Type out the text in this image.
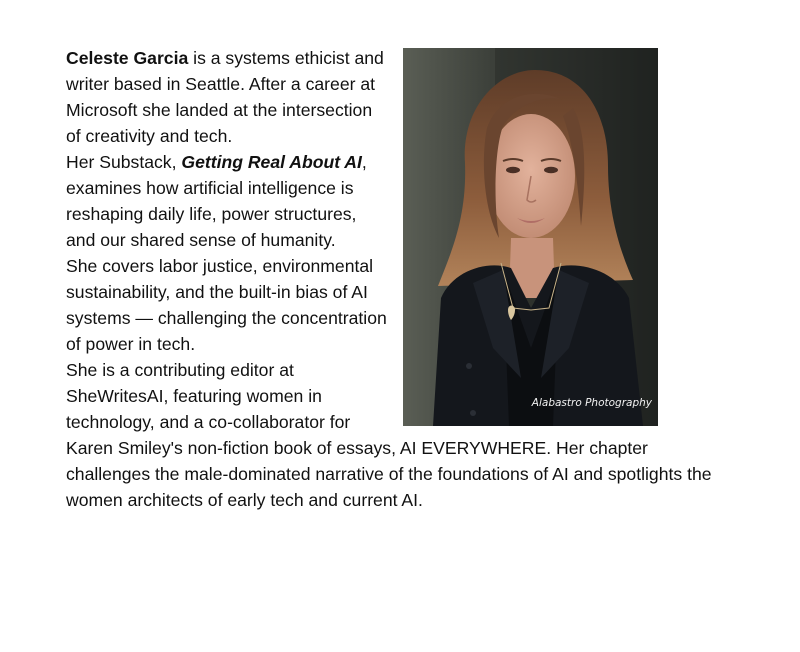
Alabastro Photography

Celeste Garcia is a systems ethicist and writer based in Seattle. After a career at Microsoft she landed at the intersection of creativity and tech.

Her Substack, Getting Real About AI, examines how artificial intelligence is reshaping daily life, power structures, and our shared sense of humanity.

She covers labor justice, environmental sustainability, and the built-in bias of AI systems — challenging the concentration of power in tech.

She is a contributing editor at SheWritesAI, featuring women in technology, and a co-collaborator for Karen Smiley's non-fiction book of essays, AI EVERYWHERE. Her chapter challenges the male-dominated narrative of the foundations of AI and spotlights the women architects of early tech and current AI.
